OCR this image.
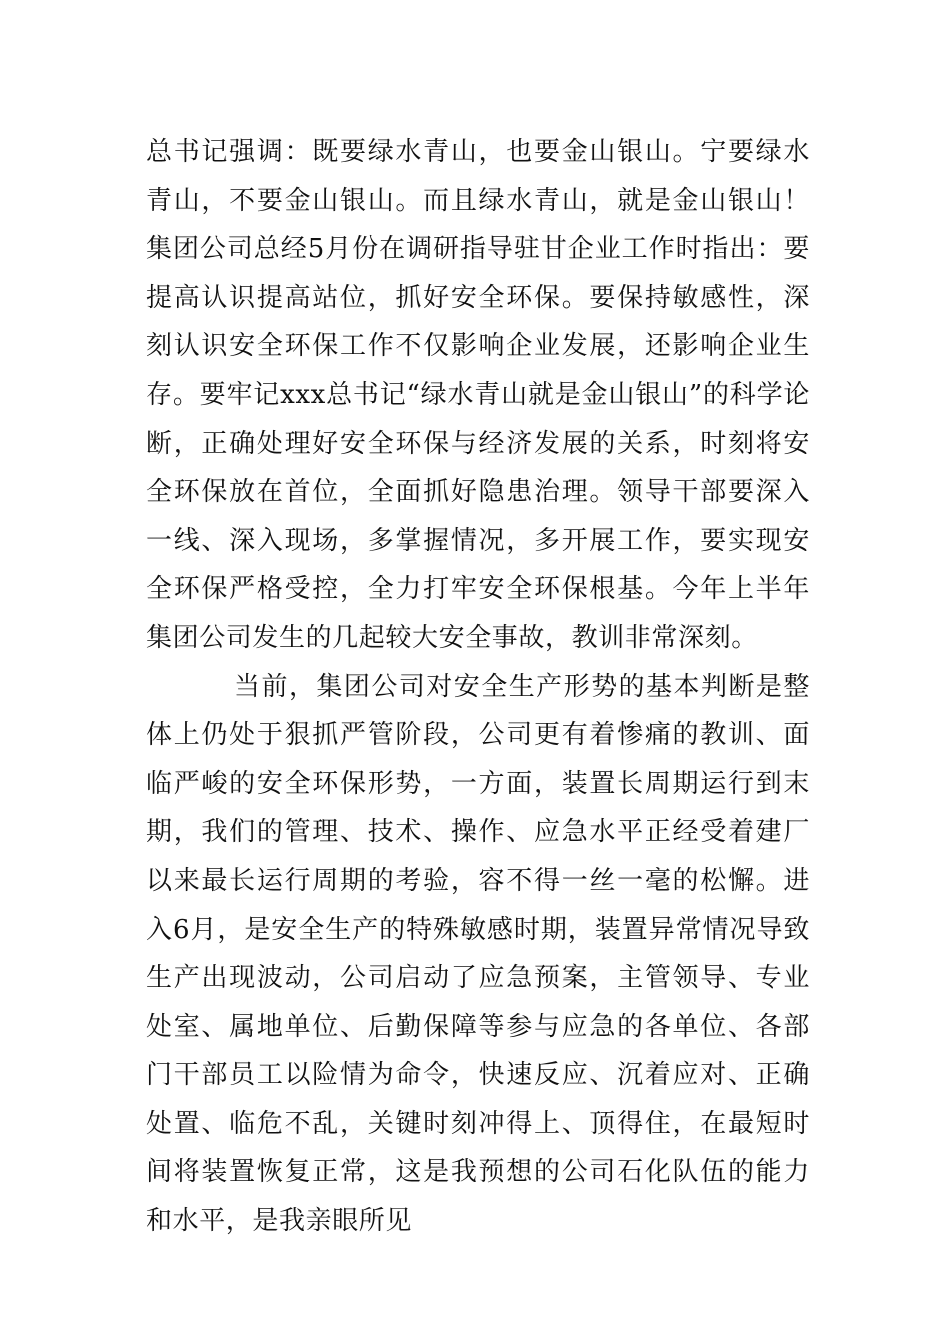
总书记强调：既要绿水青山，也要金山银山。宁要绿水青山，不要金山银山。而且绿水青山，就是金山银山！集团公司总经5月份在调研指导驻甘企业工作时指出：要提高认识提高站位，抓好安全环保。要保持敏感性，深刻认识安全环保工作不仅影响企业发展，还影响企业生存。要牢记xxx总书记“绿水青山就是金山银山”的科学论断，正确处理好安全环保与经济发展的关系，时刻将安全环保放在首位，全面抓好隐患治理。领导干部要深入一线、深入现场，多掌握情况，多开展工作，要实现安全环保严格受控，全力打牢安全环保根基。今年上半年集团公司发生的几起较大安全事故，教训非常深刻。

当前，集团公司对安全生产形势的基本判断是整体上仍处于狠抓严管阶段，公司更有着惨痛的教训、面临严峻的安全环保形势，一方面，装置长周期运行到末期，我们的管理、技术、操作、应急水平正经受着建厂以来最长运行周期的考验，容不得一丝一毫的松懈。进入6月，是安全生产的特殊敏感时期，装置异常情况导致生产出现波动，公司启动了应急预案，主管领导、专业处室、属地单位、后勤保障等参与应急的各单位、各部门干部员工以险情为命令，快速反应、沉着应对、正确处置、临危不乱，关键时刻冲得上、顶得住，在最短时间将装置恢复正常，这是我预想的公司石化队伍的能力和水平，是我亲眼所见
